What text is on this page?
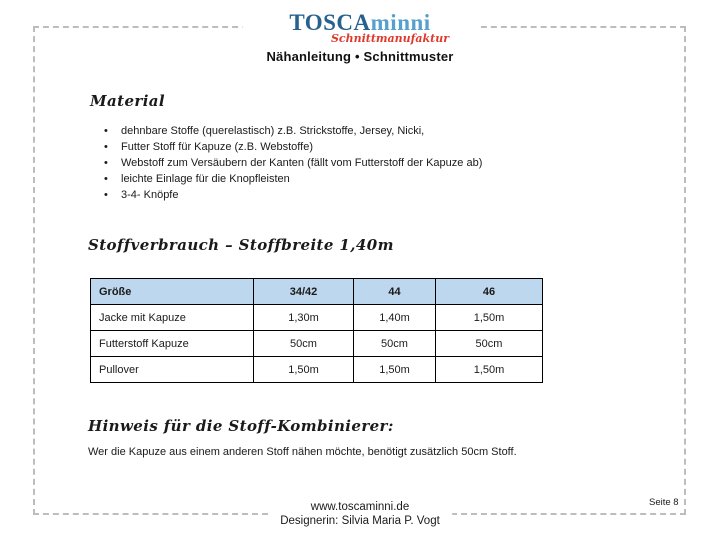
TOSCAminni
Schnittmanufaktur
Nähanleitung • Schnittmuster
Material
• dehnbare Stoffe (querelastisch) z.B. Strickstoffe, Jersey, Nicki,
• Futter Stoff für Kapuze (z.B. Webstoffe)
• Webstoff zum Versäubern der Kanten (fällt vom Futterstoff der Kapuze ab)
• leichte Einlage für die Knopfleisten
• 3-4- Knöpfe
Stoffverbrauch – Stoffbreite 1,40m
Größe	34/42	44	46
Jacke mit Kapuze	1,30m	1,40m	1,50m
Futterstoff Kapuze	50cm	50cm	50cm
Pullover	1,50m	1,50m	1,50m
Hinweis für die Stoff-Kombinierer:
Wer die Kapuze aus einem anderen Stoff nähen möchte, benötigt zusätzlich 50cm Stoff.
www.toscaminni.de
Designerin: Silvia Maria P. Vogt
Seite 8
